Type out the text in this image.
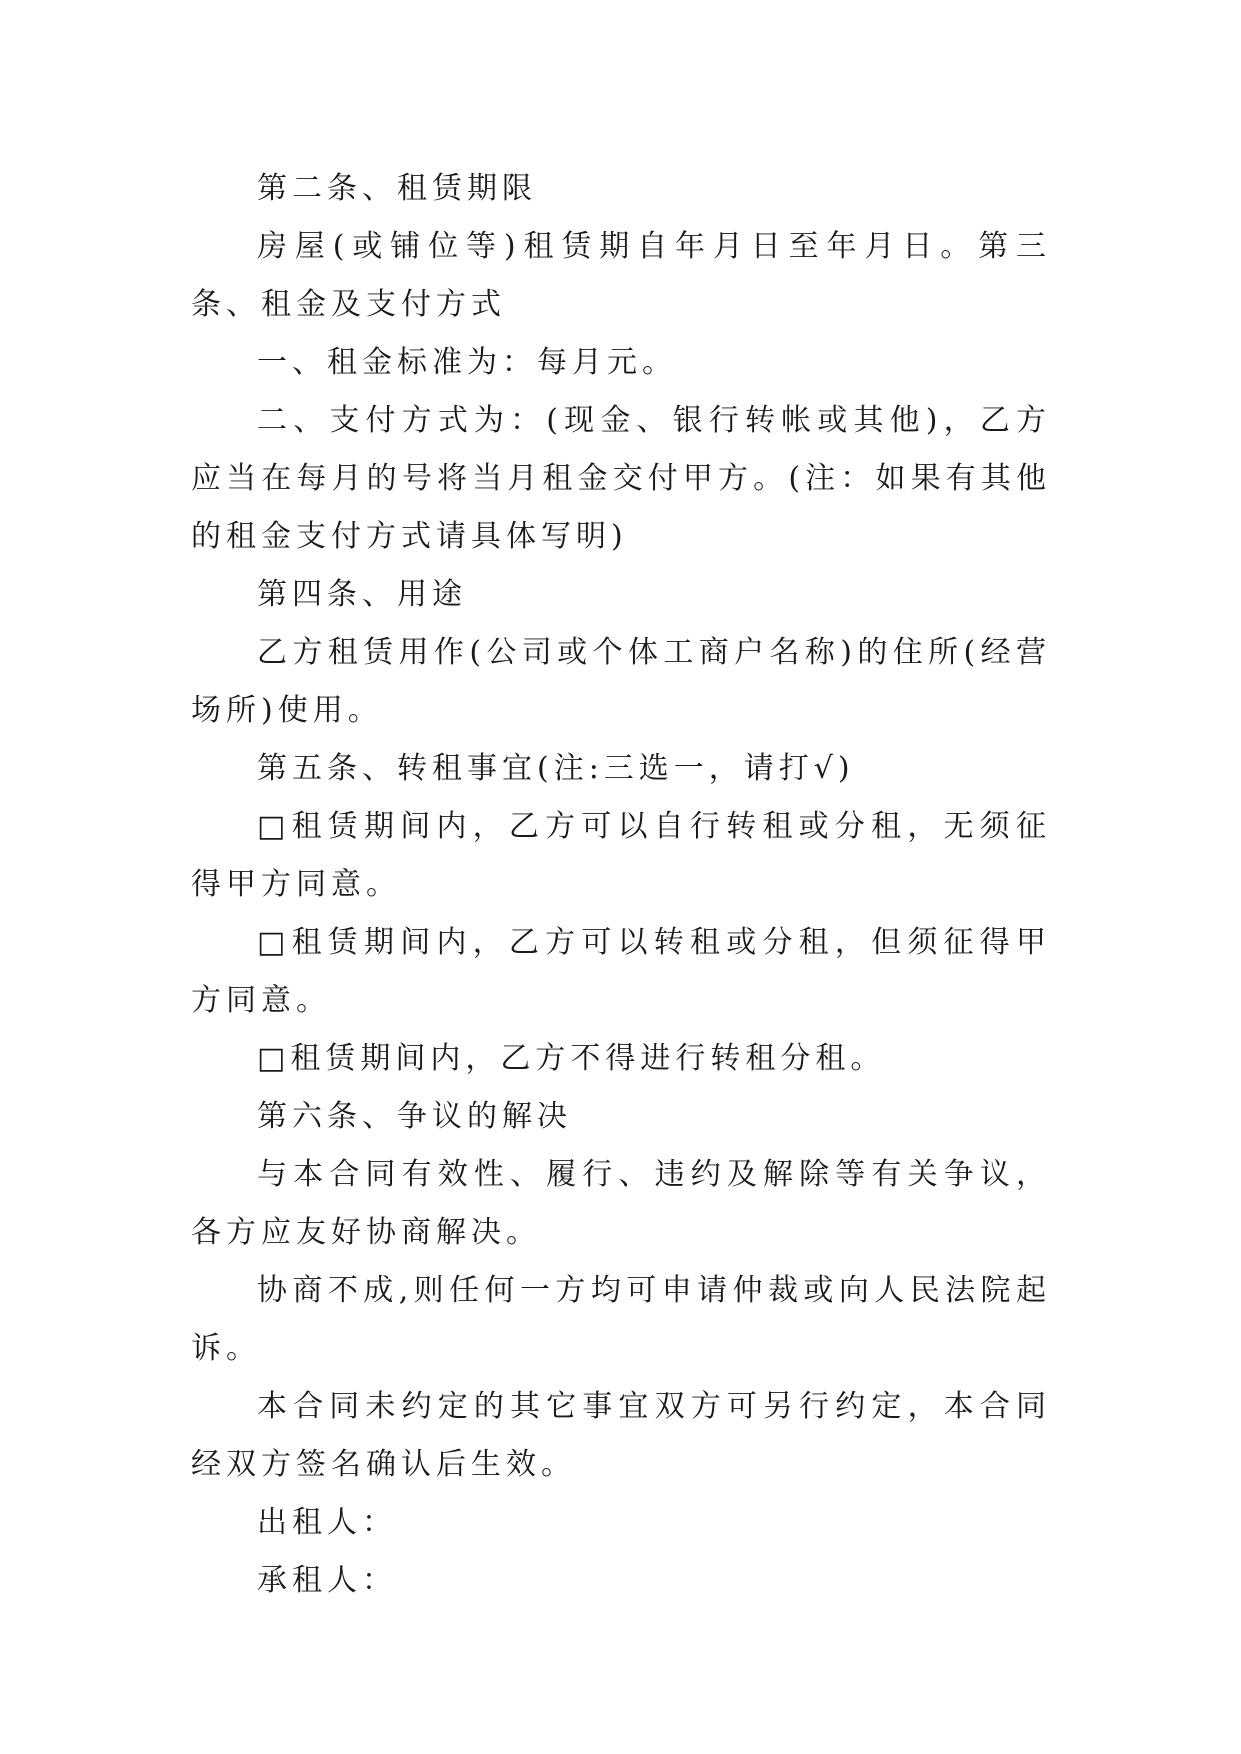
第二条、租赁期限

房屋(或铺位等)租赁期自年月日至年月日。第三条、租金及支付方式

一、租金标准为：每月元。

二、支付方式为：(现金、银行转帐或其他)，乙方应当在每月的号将当月租金交付甲方。(注：如果有其他的租金支付方式请具体写明)

第四条、用途

乙方租赁用作(公司或个体工商户名称)的住所(经营场所)使用。

第五条、转租事宜(注:三选一，请打√)

□租赁期间内，乙方可以自行转租或分租，无须征得甲方同意。

□租赁期间内，乙方可以转租或分租，但须征得甲方同意。

□租赁期间内，乙方不得进行转租分租。

第六条、争议的解决

与本合同有效性、履行、违约及解除等有关争议，各方应友好协商解决。

协商不成,则任何一方均可申请仲裁或向人民法院起诉。

本合同未约定的其它事宜双方可另行约定，本合同经双方签名确认后生效。

出租人：

承租人：
